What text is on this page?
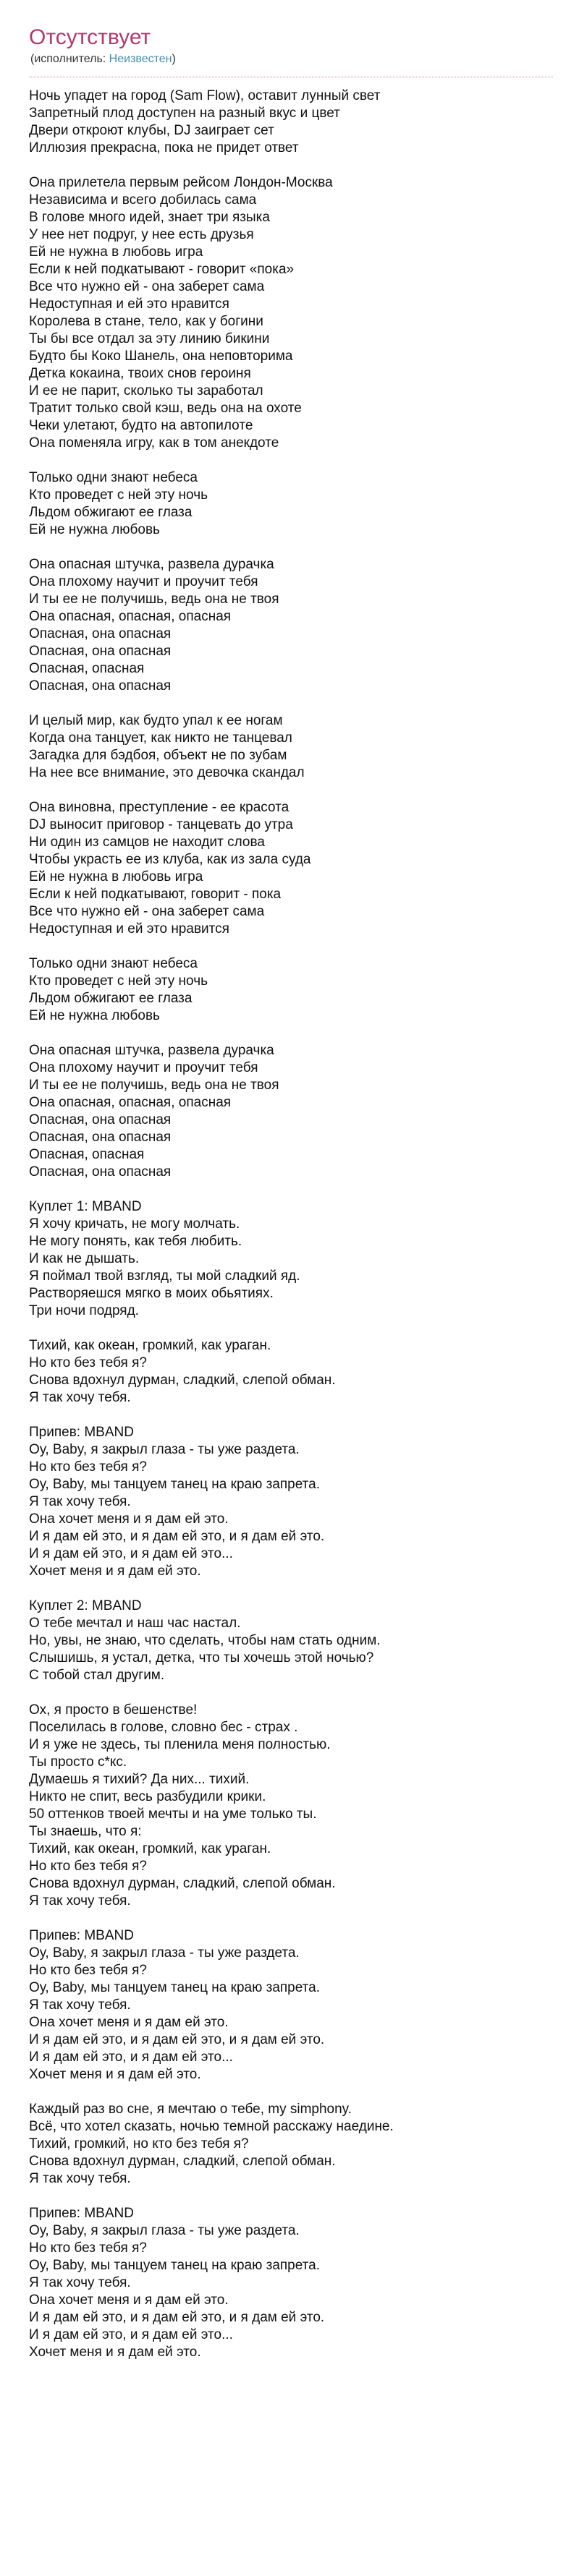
Отсутствует
(исполнитель: Неизвестен)
Ночь упадет на город (Sam Flow), оставит лунный свет
Запретный плод доступен на разный вкус и цвет
Двери откроют клубы, DJ заиграет сет
Иллюзия прекрасна, пока не придет ответ
Она прилетела первым рейсом Лондон-Москва
Независима и всего добилась сама
В голове много идей, знает три языка
У нее нет подруг, у нее есть друзья
Ей не нужна в любовь игра
Если к ней подкатывают - говорит «пока»
Все что нужно ей - она заберет сама
Недоступная и ей это нравится
Королева в стане, тело, как у богини
Ты бы все отдал за эту линию бикини
Будто бы Коко Шанель, она неповторима
Детка кокаина, твоих снов героиня
И ее не парит, сколько ты заработал
Тратит только свой кэш, ведь она на охоте
Чеки улетают, будто на автопилоте
Она поменяла игру, как в том анекдоте
Только одни знают небеса
Кто проведет с ней эту ночь
Льдом обжигают ее глаза
Ей не нужна любовь
Она опасная штучка, развела дурачка
Она плохому научит и проучит тебя
И ты ее не получишь, ведь она не твоя
Она опасная, опасная, опасная
Опасная, она опасная
Опасная, она опасная
Опасная, опасная
Опасная, она опасная
И целый мир, как будто упал к ее ногам
Когда она танцует, как никто не танцевал
Загадка для бэдбоя, объект не по зубам
На нее все внимание, это девочка скандал
Она виновна, преступление - ее красота
DJ выносит приговор - танцевать до утра
Ни один из самцов не находит слова
Чтобы украсть ее из клуба, как из зала суда
Ей не нужна в любовь игра
Если к ней подкатывают, говорит - пока
Все что нужно ей - она заберет сама
Недоступная и ей это нравится
Только одни знают небеса
Кто проведет с ней эту ночь
Льдом обжигают ее глаза
Ей не нужна любовь
Она опасная штучка, развела дурачка
Она плохому научит и проучит тебя
И ты ее не получишь, ведь она не твоя
Она опасная, опасная, опасная
Опасная, она опасная
Опасная, она опасная
Опасная, опасная
Опасная, она опасная
Куплет 1: MBAND
Я хочу кричать, не могу молчать.
Не могу понять, как тебя любить.
И как не дышать.
Я поймал твой взгляд, ты мой сладкий яд.
Растворяешся мягко в моих обьятиях.
Три ночи подряд.
Тихий, как океан, громкий, как ураган.
Но кто без тебя я?
Снова вдохнул дурман, сладкий, слепой обман.
Я так хочу тебя.
Припев: MBAND
Оу, Baby, я закрыл глаза - ты уже раздета.
Но кто без тебя я?
Оу, Baby, мы танцуем танец на краю запрета.
Я так хочу тебя.
Она хочет меня и я дам ей это.
И я дам ей это, и я дам ей это, и я дам ей это.
И я дам ей это, и я дам ей это...
Хочет меня и я дам ей это.
Куплет 2: MBAND
О тебе мечтал и наш час настал.
Но, увы, не знаю, что сделать, чтобы нам стать одним.
Слышишь, я устал, детка, что ты хочешь этой ночью?
С тобой стал другим.
Ох, я просто в бешенстве!
Поселилась в голове, словно бес - страх .
И я уже не здесь, ты пленила меня полностью.
Ты просто с*кс.
Думаешь я тихий? Да них... тихий.
Никто не спит, весь разбудили крики.
50 оттенков твоей мечты и на уме только ты.
Ты знаешь, что я:
Тихий, как океан, громкий, как ураган.
Но кто без тебя я?
Снова вдохнул дурман, сладкий, слепой обман.
Я так хочу тебя.
Припев: MBAND
Оу, Baby, я закрыл глаза - ты уже раздета.
Но кто без тебя я?
Оу, Baby, мы танцуем танец на краю запрета.
Я так хочу тебя.
Она хочет меня и я дам ей это.
И я дам ей это, и я дам ей это, и я дам ей это.
И я дам ей это, и я дам ей это...
Хочет меня и я дам ей это.
Каждый раз во сне, я мечтаю о тебе, my simphony.
Всё, что хотел сказать, ночью темной расскажу наедине.
Тихий, громкий, но кто без тебя я?
Снова вдохнул дурман, сладкий, слепой обман.
Я так хочу тебя.
Припев: MBAND
Оу, Baby, я закрыл глаза - ты уже раздета.
Но кто без тебя я?
Оу, Baby, мы танцуем танец на краю запрета.
Я так хочу тебя.
Она хочет меня и я дам ей это.
И я дам ей это, и я дам ей это, и я дам ей это.
И я дам ей это, и я дам ей это...
Хочет меня и я дам ей это.
